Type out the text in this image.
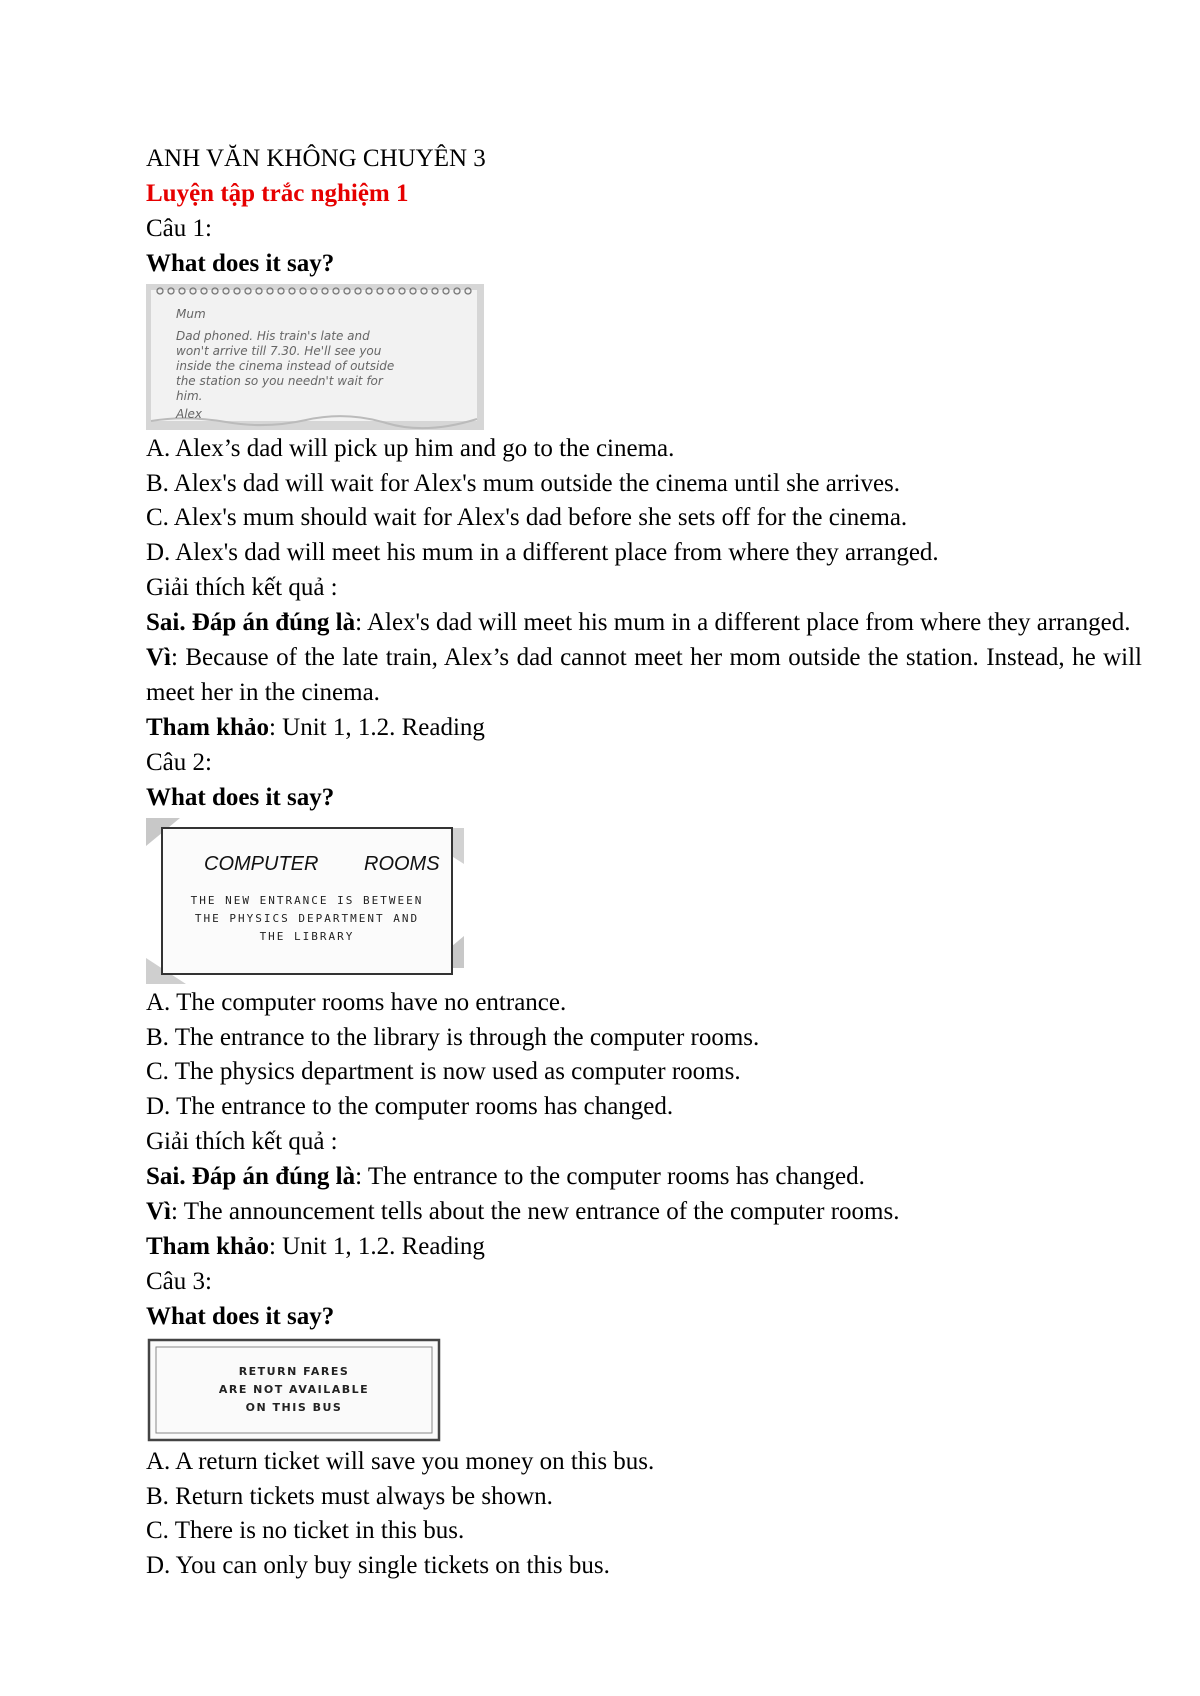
ANH VĂN KHÔNG CHUYÊN 3

Luyện tập trắc nghiệm 1

Câu 1:

What does it say?

Mum
Dad phoned. His train's late and
won't arrive till 7.30. He'll see you
inside the cinema instead of outside
the station so you needn't wait for
him.
Alex

A. Alex’s dad will pick up him and go to the cinema.

B. Alex's dad will wait for Alex's mum outside the cinema until she arrives.

C. Alex's mum should wait for Alex's dad before she sets off for the cinema.

D. Alex's dad will meet his mum in a different place from where they arranged.

Giải thích kết quả :

Sai. Đáp án đúng là: Alex's dad will meet his mum in a different place from where they arranged.

Vì: Because of the late train, Alex’s dad cannot meet her mom outside the station. Instead, he will meet her in the cinema.

Tham khảo: Unit 1, 1.2. Reading

Câu 2:

What does it say?

COMPUTER ROOMS
THE NEW ENTRANCE IS BETWEEN
THE PHYSICS DEPARTMENT AND
THE LIBRARY

A. The computer rooms have no entrance.

B. The entrance to the library is through the computer rooms.

C. The physics department is now used as computer rooms.

D. The entrance to the computer rooms has changed.

Giải thích kết quả :

Sai. Đáp án đúng là: The entrance to the computer rooms has changed.

Vì: The announcement tells about the new entrance of the computer rooms.

Tham khảo: Unit 1, 1.2. Reading

Câu 3:

What does it say?

RETURN FARES
ARE NOT AVAILABLE
ON THIS BUS

A. A return ticket will save you money on this bus.

B. Return tickets must always be shown.

C. There is no ticket in this bus.

D. You can only buy single tickets on this bus.
